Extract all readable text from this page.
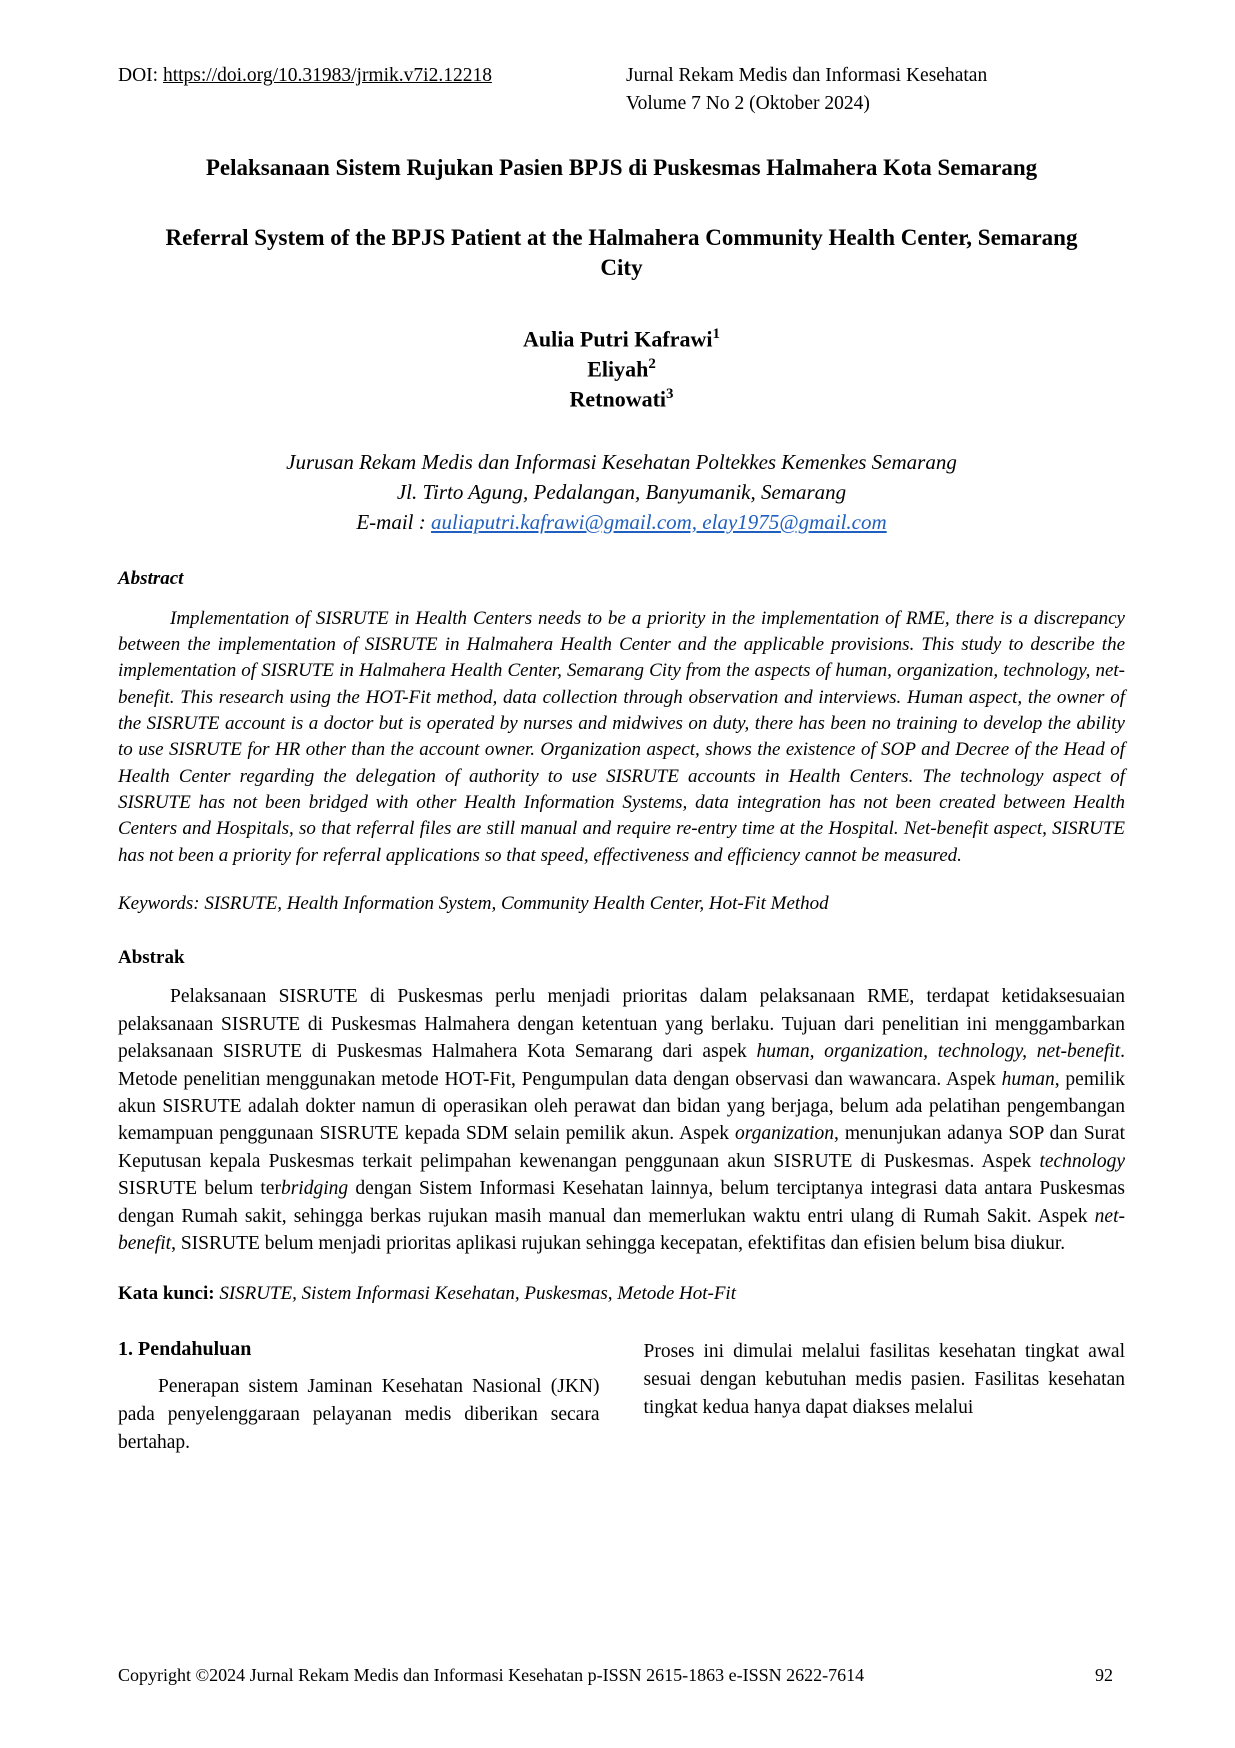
DOI: https://doi.org/10.31983/jrmik.v7i2.12218	Jurnal Rekam Medis dan Informasi Kesehatan
Volume 7 No 2 (Oktober 2024)
Pelaksanaan Sistem Rujukan Pasien BPJS di Puskesmas Halmahera Kota Semarang
Referral System of the BPJS Patient at the Halmahera Community Health Center, Semarang City
Aulia Putri Kafrawi$^1$
Eliyah$^2$
Retnowati$^3$
Jurusan Rekam Medis dan Informasi Kesehatan Poltekkes Kemenkes Semarang
Jl. Tirto Agung, Pedalangan, Banyumanik, Semarang
E-mail : auliaputri.kafrawi@gmail.com, elay1975@gmail.com
Abstract
Implementation of SISRUTE in Health Centers needs to be a priority in the implementation of RME, there is a discrepancy between the implementation of SISRUTE in Halmahera Health Center and the applicable provisions. This study to describe the implementation of SISRUTE in Halmahera Health Center, Semarang City from the aspects of human, organization, technology, net-benefit. This research using the HOT-Fit method, data collection through observation and interviews. Human aspect, the owner of the SISRUTE account is a doctor but is operated by nurses and midwives on duty, there has been no training to develop the ability to use SISRUTE for HR other than the account owner. Organization aspect, shows the existence of SOP and Decree of the Head of Health Center regarding the delegation of authority to use SISRUTE accounts in Health Centers. The technology aspect of SISRUTE has not been bridged with other Health Information Systems, data integration has not been created between Health Centers and Hospitals, so that referral files are still manual and require re-entry time at the Hospital. Net-benefit aspect, SISRUTE has not been a priority for referral applications so that speed, effectiveness and efficiency cannot be measured.
Keywords: SISRUTE, Health Information System, Community Health Center, Hot-Fit Method
Abstrak
Pelaksanaan SISRUTE di Puskesmas perlu menjadi prioritas dalam pelaksanaan RME, terdapat ketidaksesuaian pelaksanaan SISRUTE di Puskesmas Halmahera dengan ketentuan yang berlaku. Tujuan dari penelitian ini menggambarkan pelaksanaan SISRUTE di Puskesmas Halmahera Kota Semarang dari aspek human, organization, technology, net-benefit. Metode penelitian menggunakan metode HOT-Fit, Pengumpulan data dengan observasi dan wawancara. Aspek human, pemilik akun SISRUTE adalah dokter namun di operasikan oleh perawat dan bidan yang berjaga, belum ada pelatihan pengembangan kemampuan penggunaan SISRUTE kepada SDM selain pemilik akun. Aspek organization, menunjukan adanya SOP dan Surat Keputusan kepala Puskesmas terkait pelimpahan kewenangan penggunaan akun SISRUTE di Puskesmas. Aspek technology SISRUTE belum terbridging dengan Sistem Informasi Kesehatan lainnya, belum terciptanya integrasi data antara Puskesmas dengan Rumah sakit, sehingga berkas rujukan masih manual dan memerlukan waktu entri ulang di Rumah Sakit. Aspek net-benefit, SISRUTE belum menjadi prioritas aplikasi rujukan sehingga kecepatan, efektifitas dan efisien belum bisa diukur.
Kata kunci: SISRUTE, Sistem Informasi Kesehatan, Puskesmas, Metode Hot-Fit
1. Pendahuluan
Penerapan sistem Jaminan Kesehatan Nasional (JKN) pada penyelenggaraan pelayanan medis diberikan secara bertahap.
Proses ini dimulai melalui fasilitas kesehatan tingkat awal sesuai dengan kebutuhan medis pasien. Fasilitas kesehatan tingkat kedua hanya dapat diakses melalui
Copyright ©2024 Jurnal Rekam Medis dan Informasi Kesehatan p-ISSN 2615-1863 e-ISSN 2622-7614	92
